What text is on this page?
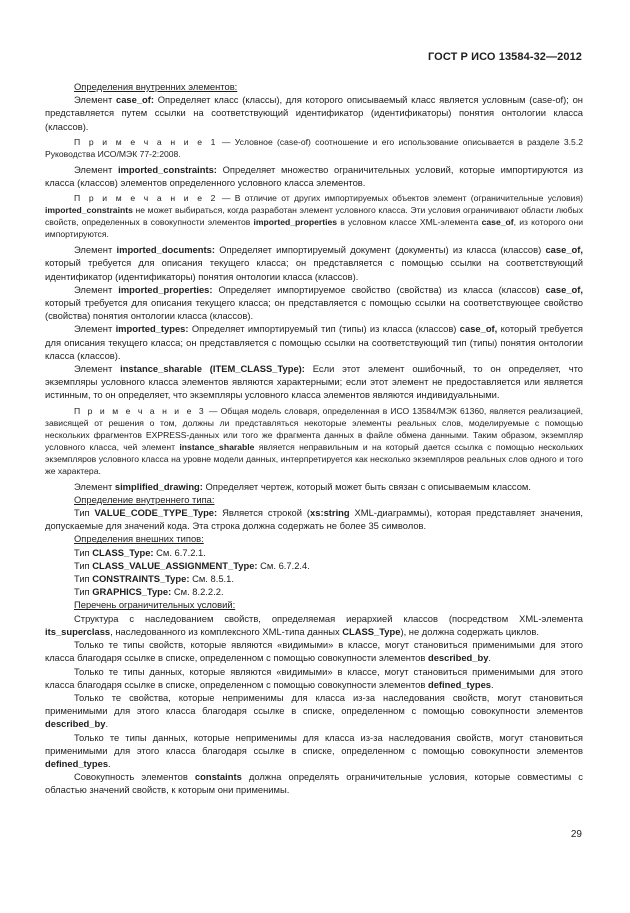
ГОСТ Р ИСО 13584-32—2012

Определения внутренних элементов:

Элемент case_of: Определяет класс (классы), для которого описываемый класс является условным (case-of); он представляется путем ссылки на соответствующий идентификатор (идентификаторы) понятия онтологии класса (классов).

П р и м е ч а н и е 1 — Условное (case-of) соотношение и его использование описывается в разделе 3.5.2 Руководства ИСО/МЭК 77-2:2008.

Элемент imported_constraints: Определяет множество ограничительных условий, которые импортируются из класса (классов) элементов определенного условного класса элементов.

П р и м е ч а н и е 2 — В отличие от других импортируемых объектов элемент (ограничительные условия) imported_constraints не может выбираться, когда разработан элемент условного класса. Эти условия ограничивают области любых свойств, определенных в совокупности элементов imported_properties в условном классе XML-элемента case_of, из которого они импортируются.

Элемент imported_documents: Определяет импортируемый документ (документы) из класса (классов) case_of, который требуется для описания текущего класса; он представляется с помощью ссылки на соответствующий идентификатор (идентификаторы) понятия онтологии класса (классов).

Элемент imported_properties: Определяет импортируемое свойство (свойства) из класса (классов) case_of, который требуется для описания текущего класса; он представляется с помощью ссылки на соответствующее свойство (свойства) понятия онтологии класса (классов).

Элемент imported_types: Определяет импортируемый тип (типы) из класса (классов) case_of, который требуется для описания текущего класса; он представляется с помощью ссылки на соответствующий тип (типы) понятия онтологии класса (классов).

Элемент instance_sharable (ITEM_CLASS_Type): Если этот элемент ошибочный, то он определяет, что экземпляры условного класса элементов являются характерными; если этот элемент не предоставляется или является истинным, то он определяет, что экземпляры условного класса элементов являются индивидуальными.

П р и м е ч а н и е 3 — Общая модель словаря, определенная в ИСО 13584/МЭК 61360, является реализацией, зависящей от решения о том, должны ли представляться некоторые элементы реальных слов, моделируемые с помощью нескольких фрагментов EXPRESS-данных или того же фрагмента данных в файле обмена данными. Таким образом, экземпляр условного класса, чей элемент instance_sharable является неправильным и на который дается ссылка с помощью нескольких экземпляров условного класса на уровне модели данных, интерпретируется как несколько экземпляров реальных слов одного и того же характера.

Элемент simplified_drawing: Определяет чертеж, который может быть связан с описываемым классом.

Определение внутреннего типа:

Тип VALUE_CODE_TYPE_Type: Является строкой (xs:string XML-диаграммы), которая представляет значения, допускаемые для значений кода. Эта строка должна содержать не более 35 символов.

Определения внешних типов:

Тип CLASS_Type: См. 6.7.2.1.

Тип CLASS_VALUE_ASSIGNMENT_Type: См. 6.7.2.4.

Тип CONSTRAINTS_Type: См. 8.5.1.

Тип GRAPHICS_Type: См. 8.2.2.2.

Перечень ограничительных условий:

Структура с наследованием свойств, определяемая иерархией классов (посредством XML-элемента its_superclass, наследованного из комплексного XML-типа данных CLASS_Type), не должна содержать циклов.

Только те типы свойств, которые являются «видимыми» в классе, могут становиться применимыми для этого класса благодаря ссылке в списке, определенном с помощью совокупности элементов described_by.

Только те типы данных, которые являются «видимыми» в классе, могут становиться применимыми для этого класса благодаря ссылке в списке, определенном с помощью совокупности элементов defined_types.

Только те свойства, которые неприменимы для класса из-за наследования свойств, могут становиться применимыми для этого класса благодаря ссылке в списке, определенном с помощью совокупности элементов described_by.

Только те типы данных, которые неприменимы для класса из-за наследования свойств, могут становиться применимыми для этого класса благодаря ссылке в списке, определенном с помощью совокупности элементов defined_types.

Совокупность элементов constaints должна определять ограничительные условия, которые совместимы с областью значений свойств, к которым они применимы.

29
